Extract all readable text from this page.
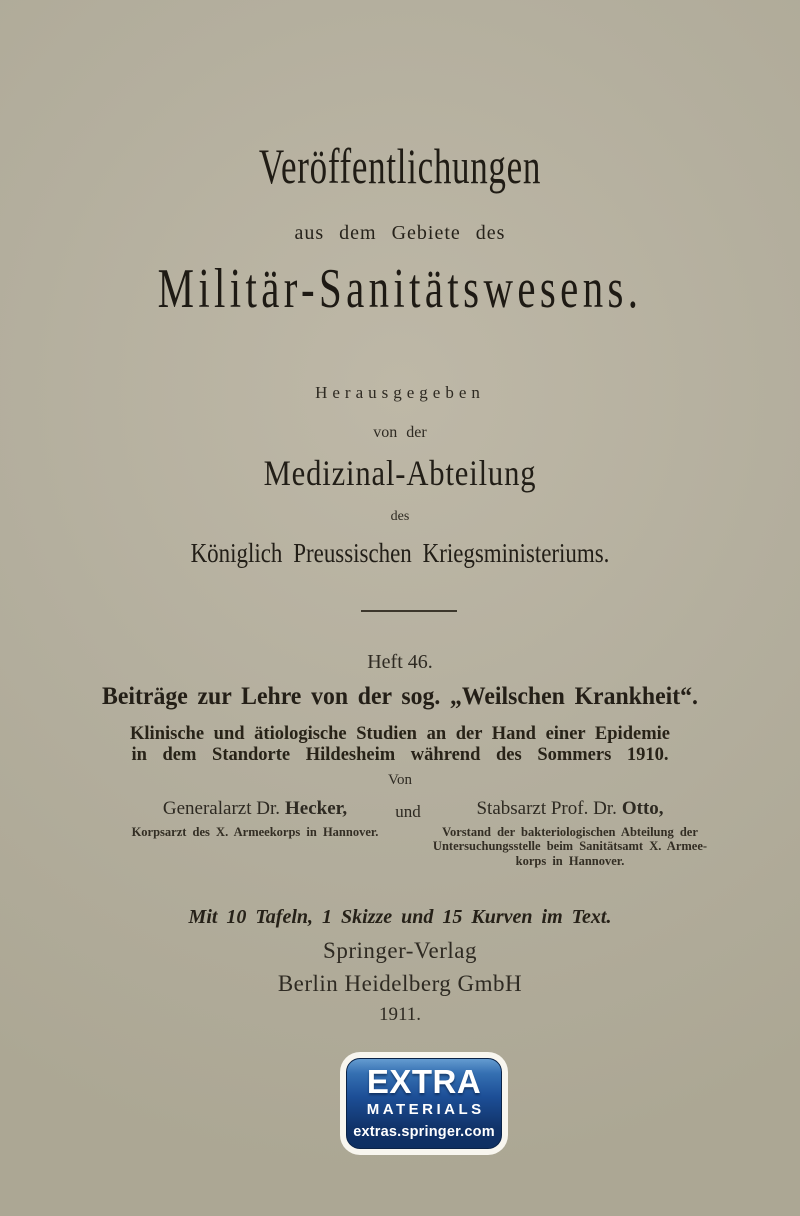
Veröffentlichungen
aus dem Gebiete des
Militär-Sanitätswesens.
Herausgegeben
von der
Medizinal-Abteilung
des
Königlich Preussischen Kriegsministeriums.
Heft 46.
Beiträge zur Lehre von der sog. „Weilschen Krankheit“.
Klinische und ätiologische Studien an der Hand einer Epidemie
in dem Standorte Hildesheim während des Sommers 1910.
Von
Generalarzt Dr. Hecker,
Korpsarzt des X. Armeekorps in Hannover.
und	Stabsarzt Prof. Dr. Otto,
Vorstand der bakteriologischen Abteilung der
Untersuchungsstelle beim Sanitätsamt X. Armee-
korps in Hannover.
Mit 10 Tafeln, 1 Skizze und 15 Kurven im Text.
Springer-Verlag
Berlin Heidelberg GmbH
1911.
EXTRA
MATERIALS
extras.springer.com
